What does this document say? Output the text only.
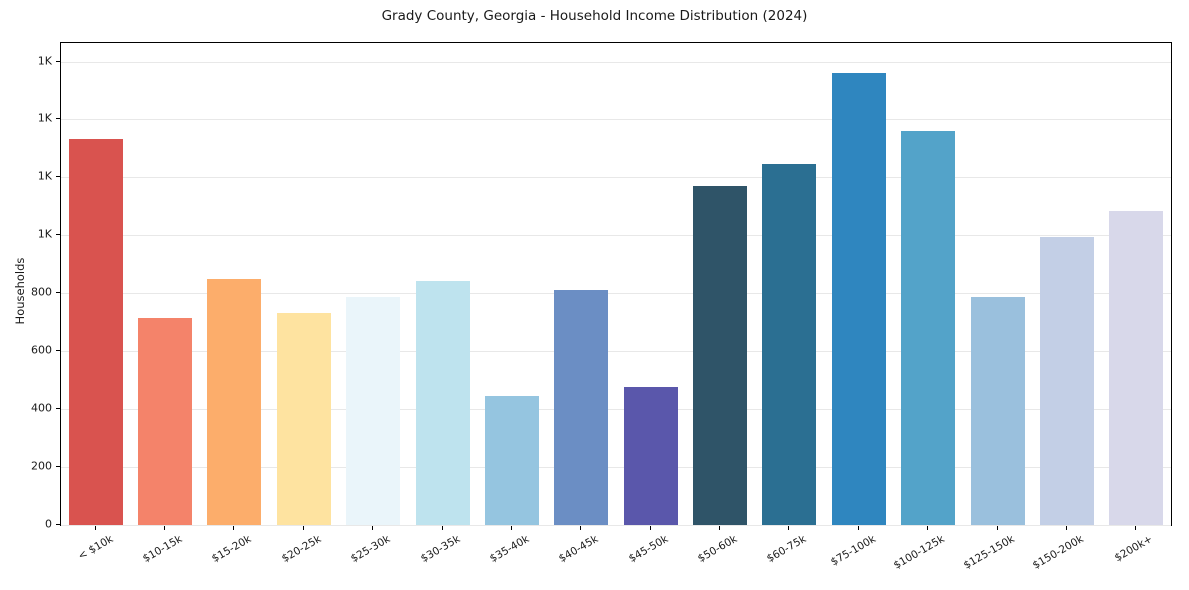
Grady County, Georgia - Household Income Distribution (2024)
Households
0
200
400
600
800
1K
1K
1K
1K
< $10k $10-15k $15-20k $20-25k $25-30k $30-35k $35-40k $40-45k $45-50k $50-60k $60-75k $75-100k $100-125k $125-150k $150-200k	$200k+
